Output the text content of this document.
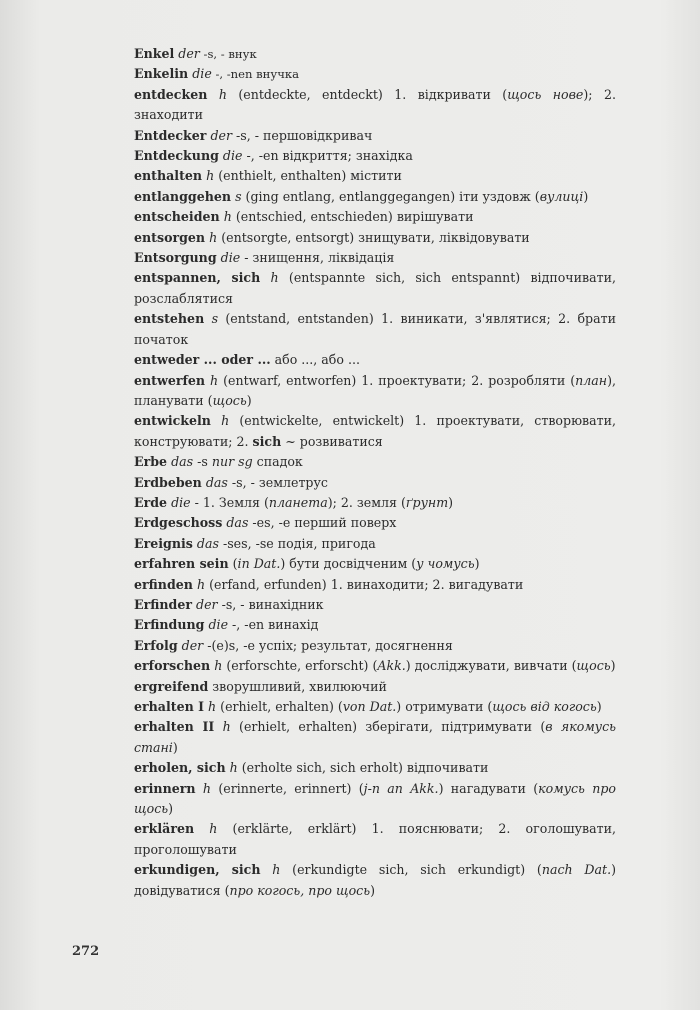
Enkel der -s, - внук
Enkelin die -, -nen внучка
entdecken h (entdeckte, entdeckt) 1. відкривати (щось нове); 2. знаходити
Entdecker der -s, - першовідкривач
Entdeckung die -, -en відкриття; знахідка
enthalten h (enthielt, enthalten) містити
entlanggehen s (ging entlang, entlanggegangen) іти уздовж (вулиці)
entscheiden h (entschied, entschieden) вирішувати
entsorgen h (entsorgte, entsorgt) знищувати, ліквідовувати
Entsorgung die - знищення, ліквідація
entspannen, sich h (entspannte sich, sich entspannt) відпочивати, розслаблятися
entstehen s (entstand, entstanden) 1. виникати, з'являтися; 2. брати початок
entweder ... oder ... або ..., або ...
entwerfen h (entwarf, entworfen) 1. проектувати; 2. розробляти (план), планувати (щось)
entwickeln h (entwickelte, entwickelt) 1. проектувати, створювати, конструювати; 2. sich ~ розвиватися
Erbe das -s nur sg спадок
Erdbeben das -s, - землетрус
Erde die - 1. Земля (планета); 2. земля (ґрунт)
Erdgeschoss das -es, -e перший поверх
Ereignis das -ses, -se подія, пригода
erfahren sein (in Dat.) бути досвідченим (у чомусь)
erfinden h (erfand, erfunden) 1. винаходити; 2. вигадувати
Erfinder der -s, - винахідник
Erfindung die -, -en винахід
Erfolg der -(e)s, -e успіх; результат, досягнення
erforschen h (erforschte, erforscht) (Akk.) досліджувати, вивчати (щось)
ergreifend зворушливий, хвилюючий
erhalten I h (erhielt, erhalten) (von Dat.) отримувати (щось від когось)
erhalten II h (erhielt, erhalten) зберігати, підтримувати (в якомусь стані)
erholen, sich h (erholte sich, sich erholt) відпочивати
erinnern h (erinnerte, erinnert) (j-n an Akk.) нагадувати (комусь про щось)
erklären h (erklärte, erklärt) 1. пояснювати; 2. оголошувати, проголошувати
erkundigen, sich h (erkundigte sich, sich erkundigt) (nach Dat.) довідуватися (про когось, про щось)
272
